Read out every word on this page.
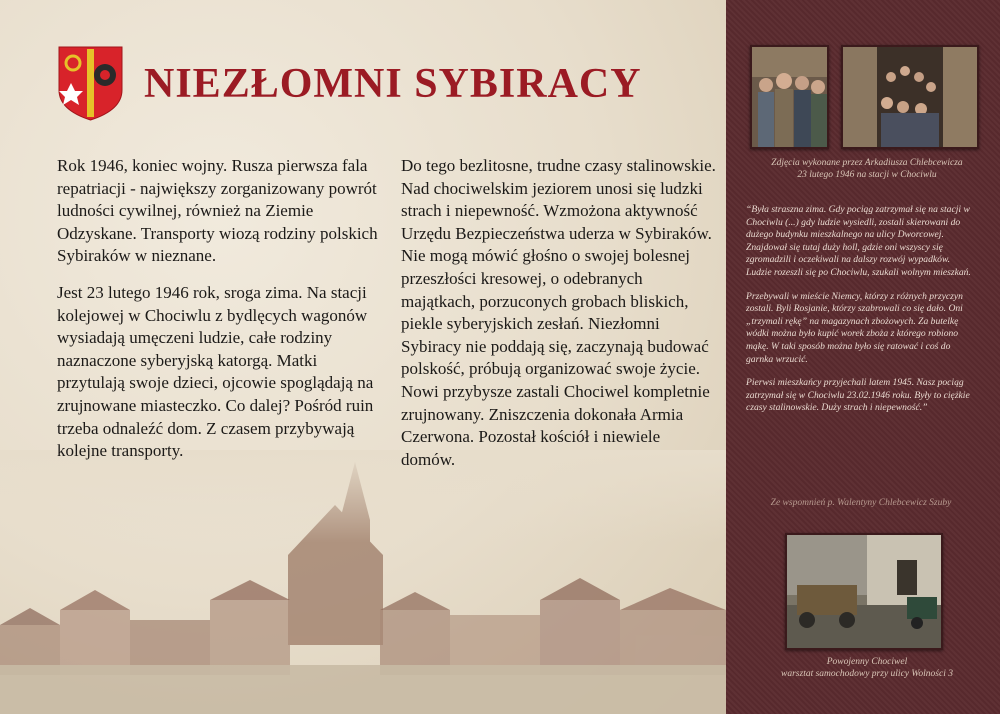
NIEZŁOMNI SYBIRACY

Rok 1946, koniec wojny. Rusza pierwsza fala repatriacji - największy zorganizowany powrót ludności cywilnej, również na Ziemie Odzyskane. Transporty wiozą rodziny polskich Sybiraków w nieznane.

Jest 23 lutego 1946 rok, sroga zima. Na stacji kolejowej w Chociwlu z bydlęcych wagonów wysiadają umęczeni ludzie, całe rodziny naznaczone syberyjską katorgą. Matki przytulają swoje dzieci, ojcowie spoglądają na zrujnowane miasteczko. Co dalej? Pośród ruin trzeba odnaleźć dom. Z czasem przybywają kolejne transporty.

Do tego bezlitosne, trudne czasy stalinowskie. Nad chociwelskim jeziorem unosi się ludzki strach i niepewność. Wzmożona aktywność Urzędu Bezpieczeństwa uderza w Sybiraków. Nie mogą mówić głośno o swojej bolesnej przeszłości kresowej, o odebranych majątkach, porzuconych grobach bliskich, piekle syberyjskich zesłań. Niezłomni Sybiracy nie poddają się, zaczynają budować polskość, próbują organizować swoje życie.

Nowi przybysze zastali Chociwel kompletnie zrujnowany. Zniszczenia dokonała Armia Czerwona. Pozostał kościół i niewiele domów.

Zdjęcia wykonane przez Arkadiusza Chlebcewicza
23 lutego 1946 na stacji w Chociwlu

“Była straszna zima. Gdy pociąg zatrzymał się na stacji w Chociwlu (...) gdy ludzie wysiedli, zostali skierowani do dużego budynku mieszkalnego na ulicy Dworcowej. Znajdował się tutaj duży holl, gdzie oni wszyscy się zgromadzili i oczekiwali na dalszy rozwój wypadków. Ludzie rozeszli się po Chociwlu, szukali wolnym mieszkań.

Przebywali w mieście Niemcy, którzy z różnych przyczyn zostali. Byli Rosjanie, którzy szabrowali co się dało. Oni „trzymali rękę” na magazynach zbożowych. Za butelkę wódki można było kupić worek zboża z którego robiono mąkę. W taki sposób można było się ratować i coś do garnka wrzucić.

Pierwsi mieszkańcy przyjechali latem 1945. Nasz pociąg zatrzymał się w Chociwlu 23.02.1946 roku. Były to ciężkie czasy stalinowskie. Duży strach i niepewność.”

Ze wspomnień p. Walentyny Chlebcewicz Szuby
Powojenny Chociwel
warsztat samochodowy przy ulicy Wolności 3
